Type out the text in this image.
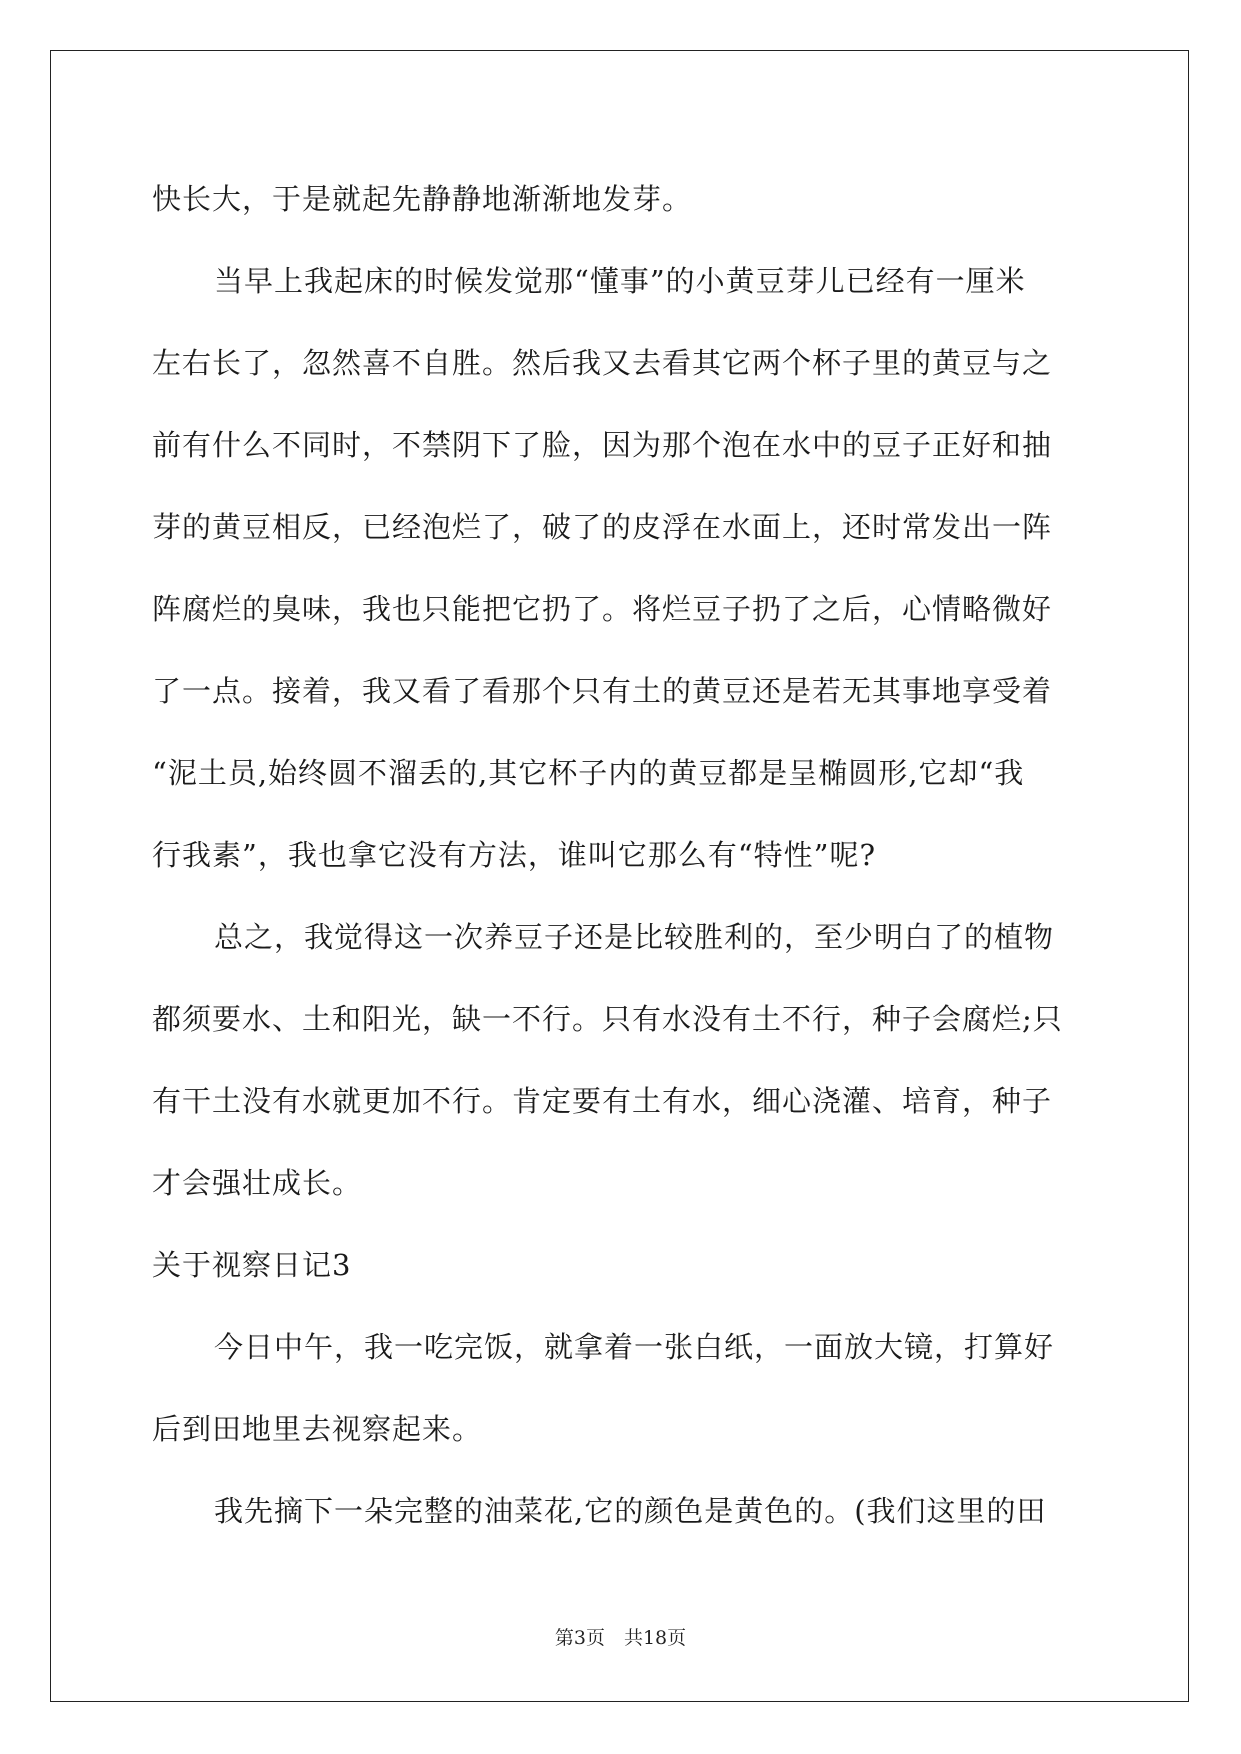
快长大，于是就起先静静地渐渐地发芽。
当早上我起床的时候发觉那“懂事”的小黄豆芽儿已经有一厘米
左右长了，忽然喜不自胜。然后我又去看其它两个杯子里的黄豆与之
前有什么不同时，不禁阴下了脸，因为那个泡在水中的豆子正好和抽
芽的黄豆相反，已经泡烂了，破了的皮浮在水面上，还时常发出一阵
阵腐烂的臭味，我也只能把它扔了。将烂豆子扔了之后，心情略微好
了一点。接着，我又看了看那个只有土的黄豆还是若无其事地享受着
“泥土员,始终圆不溜丢的,其它杯子内的黄豆都是呈椭圆形,它却“我
行我素”，我也拿它没有方法，谁叫它那么有“特性”呢?
总之，我觉得这一次养豆子还是比较胜利的，至少明白了的植物
都须要水、土和阳光，缺一不行。只有水没有土不行，种子会腐烂;只
有干土没有水就更加不行。肯定要有土有水，细心浇灌、培育，种子
才会强壮成长。
关于视察日记3
今日中午，我一吃完饭，就拿着一张白纸，一面放大镜，打算好
后到田地里去视察起来。
我先摘下一朵完整的油菜花,它的颜色是黄色的。(我们这里的田
第3页　共18页
